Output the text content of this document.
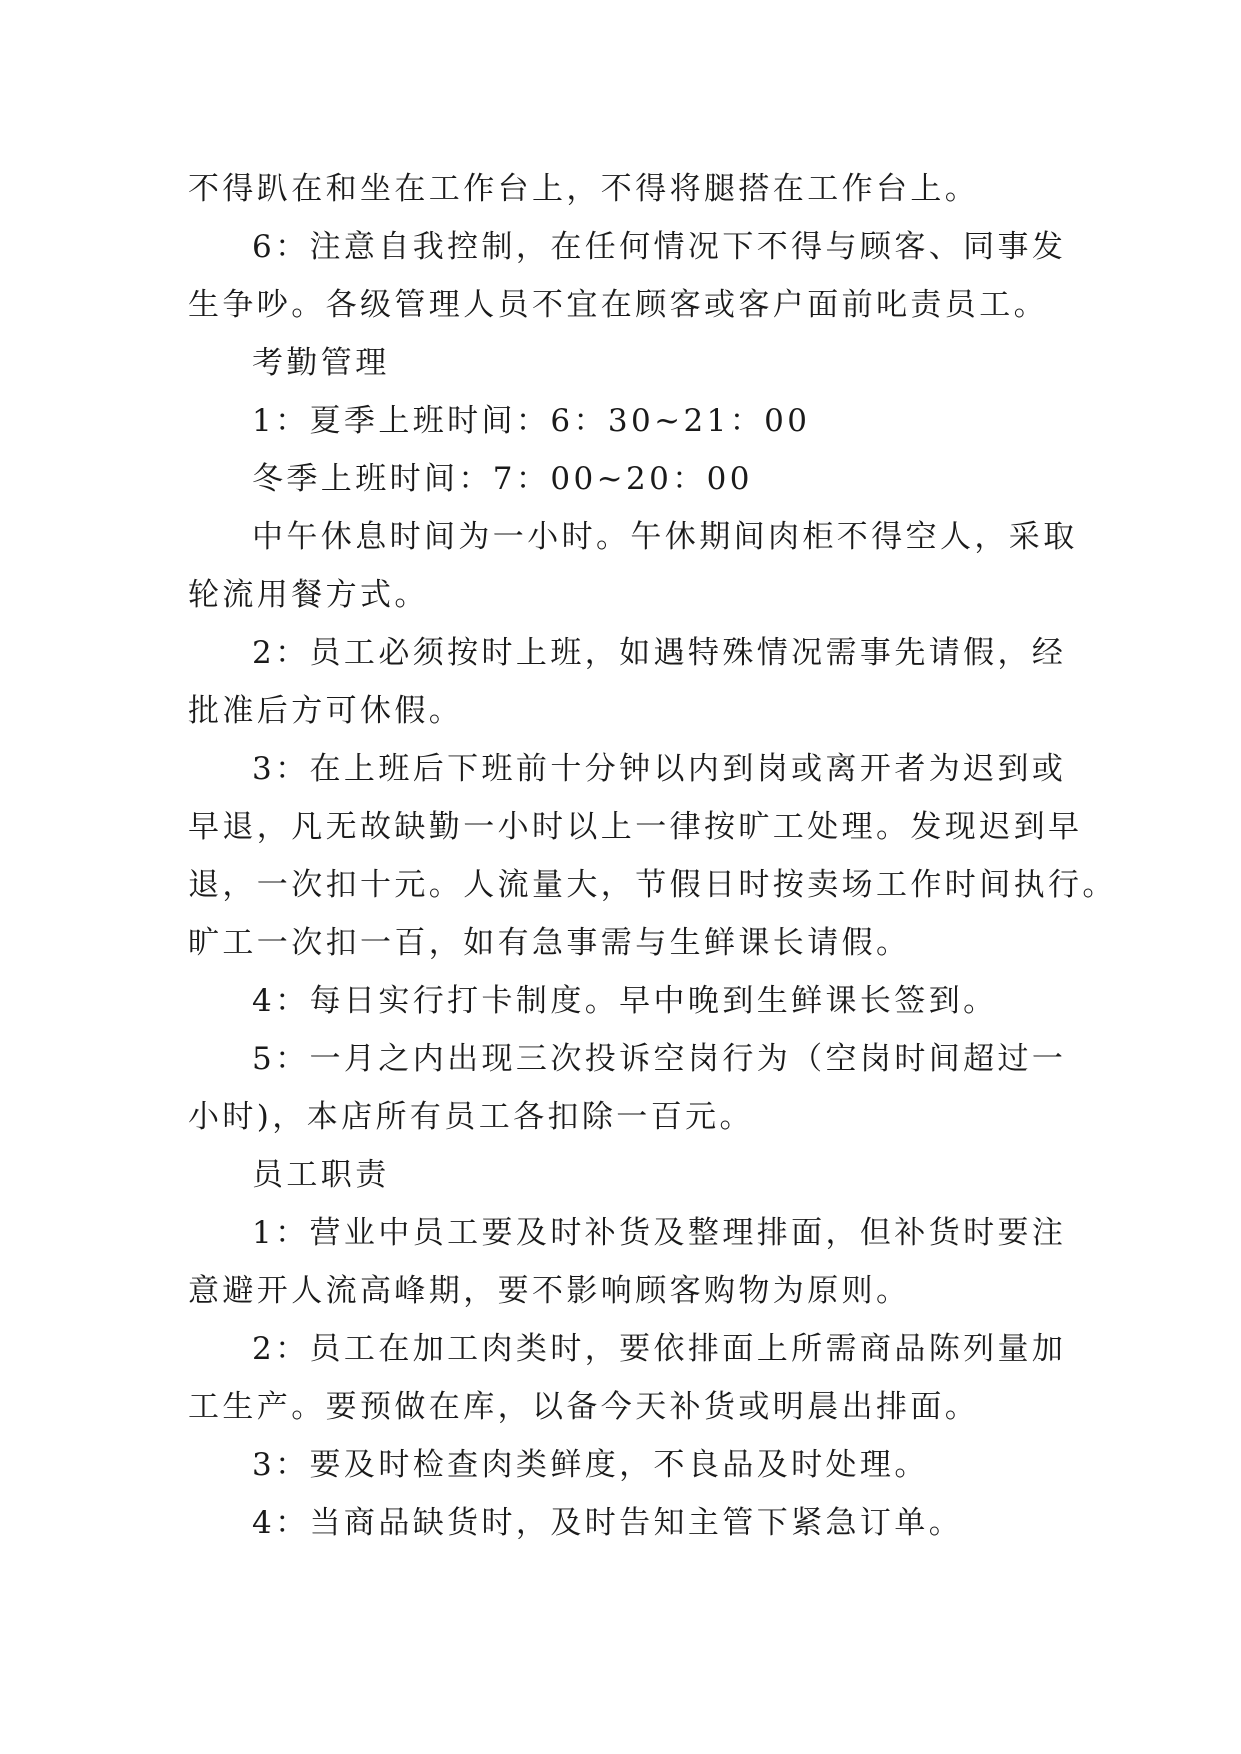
不得趴在和坐在工作台上，不得将腿搭在工作台上。
6：注意自我控制，在任何情况下不得与顾客、同事发
生争吵。各级管理人员不宜在顾客或客户面前叱责员工。
考勤管理
1：夏季上班时间：6：30~21：00
冬季上班时间：7：00~20：00
中午休息时间为一小时。午休期间肉柜不得空人，采取
轮流用餐方式。
2：员工必须按时上班，如遇特殊情况需事先请假，经
批准后方可休假。
3：在上班后下班前十分钟以内到岗或离开者为迟到或
早退，凡无故缺勤一小时以上一律按旷工处理。发现迟到早
退，一次扣十元。人流量大，节假日时按卖场工作时间执行。
旷工一次扣一百，如有急事需与生鲜课长请假。
4：每日实行打卡制度。早中晚到生鲜课长签到。
5：一月之内出现三次投诉空岗行为（空岗时间超过一
小时)，本店所有员工各扣除一百元。
员工职责
1：营业中员工要及时补货及整理排面，但补货时要注
意避开人流高峰期，要不影响顾客购物为原则。
2：员工在加工肉类时，要依排面上所需商品陈列量加
工生产。要预做在库，以备今天补货或明晨出排面。
3：要及时检查肉类鲜度，不良品及时处理。
4：当商品缺货时，及时告知主管下紧急订单。
